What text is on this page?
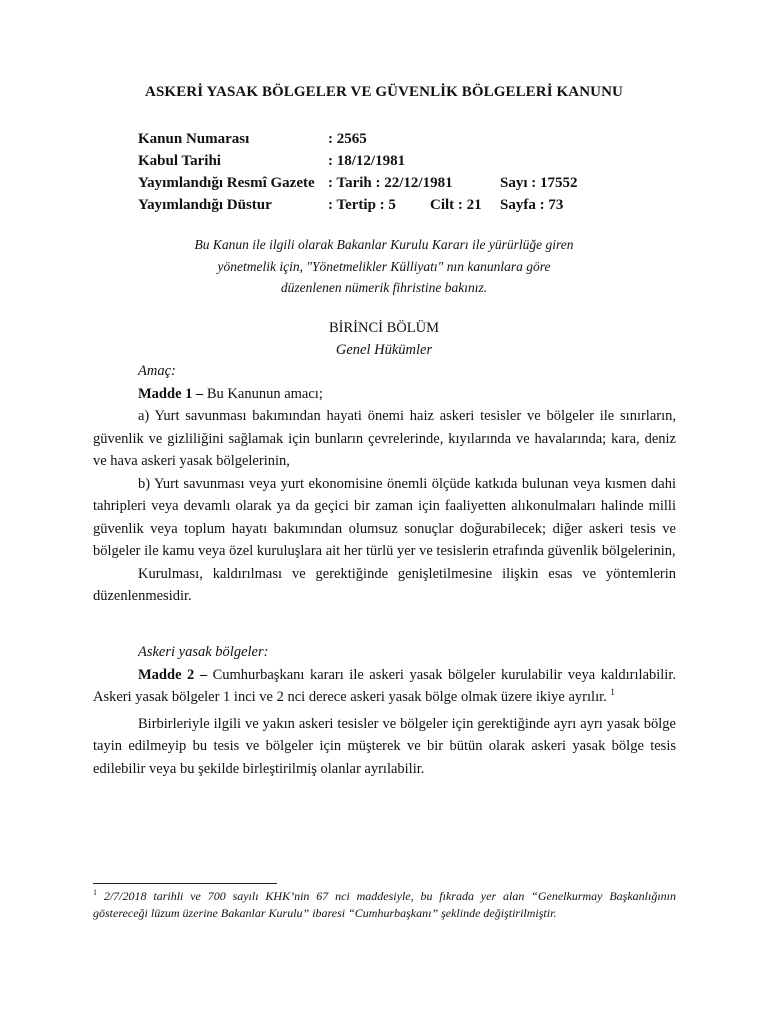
ASKERİ YASAK BÖLGELER VE GÜVENLİK BÖLGELERİ KANUNU
Kanun Numarası	: 2565
Kabul Tarihi	: 18/12/1981
Yayımlandığı Resmî Gazete : Tarih : 22/12/1981	Sayı : 17552
Yayımlandığı Düstur	: Tertip : 5 Cilt : 21 Sayfa : 73
Bu Kanun ile ilgili olarak Bakanlar Kurulu Kararı ile yürürlüğe giren
yönetmelik için, "Yönetmelikler Külliyatı" nın kanunlara göre
düzenlenen nümerik fihristine bakınız.
BİRİNCİ BÖLÜM
Genel Hükümler

Amaç:

Madde 1 – Bu Kanunun amacı;

a) Yurt savunması bakımından hayati önemi haiz askeri tesisler ve bölgeler ile sınırların, güvenlik ve gizliliğini sağlamak için bunların çevrelerinde, kıyılarında ve havalarında; kara, deniz ve hava askeri yasak bölgelerinin,

b) Yurt savunması veya yurt ekonomisine önemli ölçüde katkıda bulunan veya kısmen dahi tahripleri veya devamlı olarak ya da geçici bir zaman için faaliyetten alıkonulmaları halinde milli güvenlik veya toplum hayatı bakımından olumsuz sonuçlar doğurabilecek; diğer askeri tesis ve bölgeler ile kamu veya özel kuruluşlara ait her türlü yer ve tesislerin etrafında güvenlik bölgelerinin,

Kurulması, kaldırılması ve gerektiğinde genişletilmesine ilişkin esas ve yöntemlerin düzenlenmesidir.

Askeri yasak bölgeler:

Madde 2 – Cumhurbaşkanı kararı ile askeri yasak bölgeler kurulabilir veya kaldırılabilir. Askeri yasak bölgeler 1 inci ve 2 nci derece askeri yasak bölge olmak üzere ikiye ayrılır. $^1$

Birbirleriyle ilgili ve yakın askeri tesisler ve bölgeler için gerektiğinde ayrı ayrı yasak bölge tayin edilmeyip bu tesis ve bölgeler için müşterek ve bir bütün olarak askeri yasak bölge tesis edilebilir veya bu şekilde birleştirilmiş olanlar ayrılabilir.

$^1$ 2/7/2018 tarihli ve 700 sayılı KHK’nin 67 nci maddesiyle, bu fıkrada yer alan “Genelkurmay Başkanlığının göstereceği lüzum üzerine Bakanlar Kurulu” ibaresi “Cumhurbaşkanı” şeklinde değiştirilmiştir.
